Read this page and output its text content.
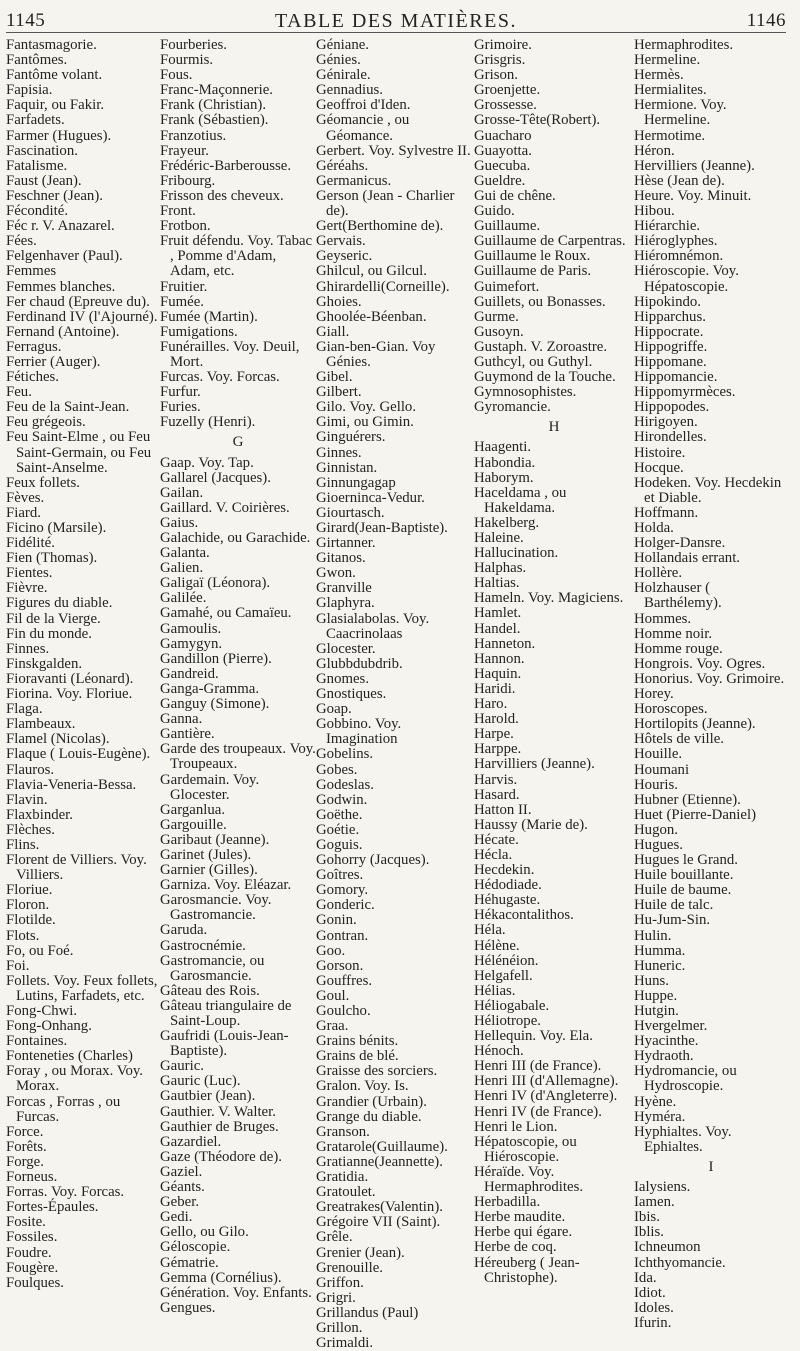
1145	TABLE DES MATIÈRES.	1146
Fantasmagorie.
Fantômes.
Fantôme volant.
Fapisia.
Faquir, ou Fakir.
Farfadets.
Farmer (Hugues).
Fascination.
Fatalisme.
Faust (Jean).
Feschner (Jean).
Fécondité.
Féc r. V. Anazarel.
Fées.
Felgenhaver (Paul).
Femmes
Femmes blanches.
Fer chaud (Epreuve du).
Ferdinand IV (l'Ajourné).
Fernand (Antoine).
Ferragus.
Ferrier (Auger).
Fétiches.
Feu.
Feu de la Saint-Jean.
Feu grégeois.
Feu Saint-Elme , ou Feu Saint-Germain, ou Feu Saint-Anselme.
Feux follets.
Fèves.
Fiard.
Ficino (Marsile).
Fidélité.
Fien (Thomas).
Fientes.
Fièvre.
Figures du diable.
Fil de la Vierge.
Fin du monde.
Finnes.
Finskgalden.
Fioravanti (Léonard).
Fiorina. Voy. Floriue.
Flaga.
Flambeaux.
Flamel (Nicolas).
Flaque ( Louis-Eugène).
Flauros.
Flavia-Veneria-Bessa.
Flavin.
Flaxbinder.
Flèches.
Flins.
Florent de Villiers. Voy. Villiers.
Floriue.
Floron.
Flotilde.
Flots.
Fo, ou Foé.
Foi.
Follets. Voy. Feux follets, Lutins, Farfadets, etc.
Fong-Chwi.
Fong-Onhang.
Fontaines.
Fonteneties (Charles)
Foray , ou Morax. Voy. Morax.
Forcas , Forras , ou Furcas.
Force.
Forêts.
Forge.
Forneus.
Forras. Voy. Forcas.
Fortes-Épaules.
Fosite.
Fossiles.
Foudre.
Fougère.
Foulques.
Fourberies.
Fourmis.
Fous.
Franc-Maçonnerie.
Frank (Christian).
Frank (Sébastien).
Franzotius.
Frayeur.
Frédéric-Barberousse.
Fribourg.
Frisson des cheveux.
Front.
Frotbon.
Fruit défendu. Voy. Tabac , Pomme d'Adam, Adam, etc.
Fruitier.
Fumée.
Fumée (Martin).
Fumigations.
Funérailles. Voy. Deuil, Mort.
Furcas. Voy. Forcas.
Furfur.
Furies.
Fuzelly (Henri).
G
Gaap. Voy. Tap.
Gallarel (Jacques).
Gailan.
Gaillard. V. Coirières.
Gaius.
Galachide, ou Garachide.
Galanta.
Galien.
Galigaï (Léonora).
Galilée.
Gamahé, ou Camaïeu.
Gamoulis.
Gamygyn.
Gandillon (Pierre).
Gandreid.
Ganga-Gramma.
Ganguy (Simone).
Ganna.
Gantière.
Garde des troupeaux. Voy. Troupeaux.
Gardemain. Voy. Glocester.
Garganlua.
Gargouille.
Garibaut (Jeanne).
Garinet (Jules).
Garnier (Gilles).
Garniza. Voy. Eléazar.
Garosmancie. Voy. Gastromancie.
Garuda.
Gastrocnémie.
Gastromancie, ou Garosmancie.
Gâteau des Rois.
Gâteau triangulaire de Saint-Loup.
Gaufridi (Louis-Jean-Baptiste).
Gauric.
Gauric (Luc).
Gautbier (Jean).
Gauthier. V. Walter.
Gauthier de Bruges.
Gazardiel.
Gaze (Théodore de).
Gaziel.
Géants.
Geber.
Gedi.
Gello, ou Gilo.
Géloscopie.
Gématrie.
Gemma (Cornélius).
Génération. Voy. Enfants.
Gengues.
Géniane.
Génies.
Génirale.
Gennadius.
Geoffroi d'Iden.
Géomancie , ou Géomance.
Gerbert. Voy. Sylvestre II.
Géréahs.
Germanicus.
Gerson (Jean - Charlier de).
Gert(Berthomine de).
Gervais.
Geyseric.
Ghilcul, ou Gilcul.
Ghirardelli(Corneille).
Ghoies.
Ghoolée-Béenban.
Giall.
Gian-ben-Gian. Voy Génies.
Gibel.
Gilbert.
Gilo. Voy. Gello.
Gimi, ou Gimin.
Ginguérers.
Ginnes.
Ginnistan.
Ginnungagap
Gioerninca-Vedur.
Giourtasch.
Girard(Jean-Baptiste).
Girtanner.
Gitanos.
Gwon.
Granville
Glaphyra.
Glasialabolas. Voy. Caacrinolaas
Glocester.
Glubbdubdrib.
Gnomes.
Gnostiques.
Goap.
Gobbino. Voy. Imagination
Gobelins.
Gobes.
Godeslas.
Godwin.
Goëthe.
Goétie.
Goguis.
Gohorry (Jacques).
Goîtres.
Gomory.
Gonderic.
Gonin.
Gontran.
Goo.
Gorson.
Gouffres.
Goul.
Goulcho.
Graa.
Grains bénits.
Grains de blé.
Graisse des sorciers.
Gralon. Voy. Is.
Grandier (Urbain).
Grange du diable.
Granson.
Gratarole(Guillaume).
Gratianne(Jeannette).
Gratidia.
Gratoulet.
Greatrakes(Valentin).
Grégoire VII (Saint).
Grêle.
Grenier (Jean).
Grenouille.
Griffon.
Grigri.
Grillandus (Paul)
Grillon.
Grimaldi.
Grimoire.
Grisgris.
Grison.
Groenjette.
Grossesse.
Grosse-Tête(Robert).
Guacharo
Guayotta.
Guecuba.
Gueldre.
Gui de chêne.
Guido.
Guillaume.
Guillaume de Carpentras.
Guillaume le Roux.
Guillaume de Paris.
Guimefort.
Guillets, ou Bonasses.
Gurme.
Gusoyn.
Gustaph. V. Zoroastre.
Guthcyl, ou Guthyl.
Guymond de la Touche.
Gymnosophistes.
Gyromancie.
H
Haagenti.
Habondia.
Haborym.
Haceldama , ou Hakeldama.
Hakelberg.
Haleine.
Hallucination.
Halphas.
Haltias.
Hameln. Voy. Magiciens.
Hamlet.
Handel.
Hanneton.
Hannon.
Haquin.
Haridi.
Haro.
Harold.
Harpe.
Harppe.
Harvilliers (Jeanne).
Harvis.
Hasard.
Hatton II.
Haussy (Marie de).
Hécate.
Hécla.
Hecdekin.
Hédodiade.
Héhugaste.
Hékacontalithos.
Héla.
Hélène.
Hélénéion.
Helgafell.
Hélias.
Héliogabale.
Héliotrope.
Hellequin. Voy. Ela.
Hénoch.
Henri III (de France).
Henri III (d'Allemagne).
Henri IV (d'Angleterre).
Henri IV (de France).
Henri le Lion.
Hépatoscopie, ou Hiéroscopie.
Héraïde. Voy. Hermaphrodites.
Herbadilla.
Herbe maudite.
Herbe qui égare.
Herbe de coq.
Héreuberg ( Jean-Christophe).
Hermaphrodites.
Hermeline.
Hermès.
Hermialites.
Hermione. Voy. Hermeline.
Hermotime.
Héron.
Hervilliers (Jeanne).
Hèse (Jean de).
Heure. Voy. Minuit.
Hibou.
Hiérarchie.
Hiéroglyphes.
Hiéromnémon.
Hiéroscopie. Voy. Hépatoscopie.
Hipokindo.
Hipparchus.
Hippocrate.
Hippogriffe.
Hippomane.
Hippomancie.
Hippomyrmèces.
Hippopodes.
Hirigoyen.
Hirondelles.
Histoire.
Hocque.
Hodeken. Voy. Hecdekin et Diable.
Hoffmann.
Holda.
Holger-Dansre.
Hollandais errant.
Hollère.
Holzhauser ( Barthélemy).
Hommes.
Homme noir.
Homme rouge.
Hongrois. Voy. Ogres.
Honorius. Voy. Grimoire.
Horey.
Horoscopes.
Hortilopits (Jeanne).
Hôtels de ville.
Houille.
Houmani
Houris.
Hubner (Etienne).
Huet (Pierre-Daniel)
Hugon.
Hugues.
Hugues le Grand.
Huile bouillante.
Huile de baume.
Huile de talc.
Hu-Jum-Sin.
Hulin.
Humma.
Huneric.
Huns.
Huppe.
Hutgin.
Hvergelmer.
Hyacinthe.
Hydraoth.
Hydromancie, ou Hydroscopie.
Hyène.
Hyméra.
Hyphialtes. Voy. Ephialtes.
I
Ialysiens.
Iamen.
Ibis.
Iblis.
Ichneumon
Ichthyomancie.
Ida.
Idiot.
Idoles.
Ifurin.
